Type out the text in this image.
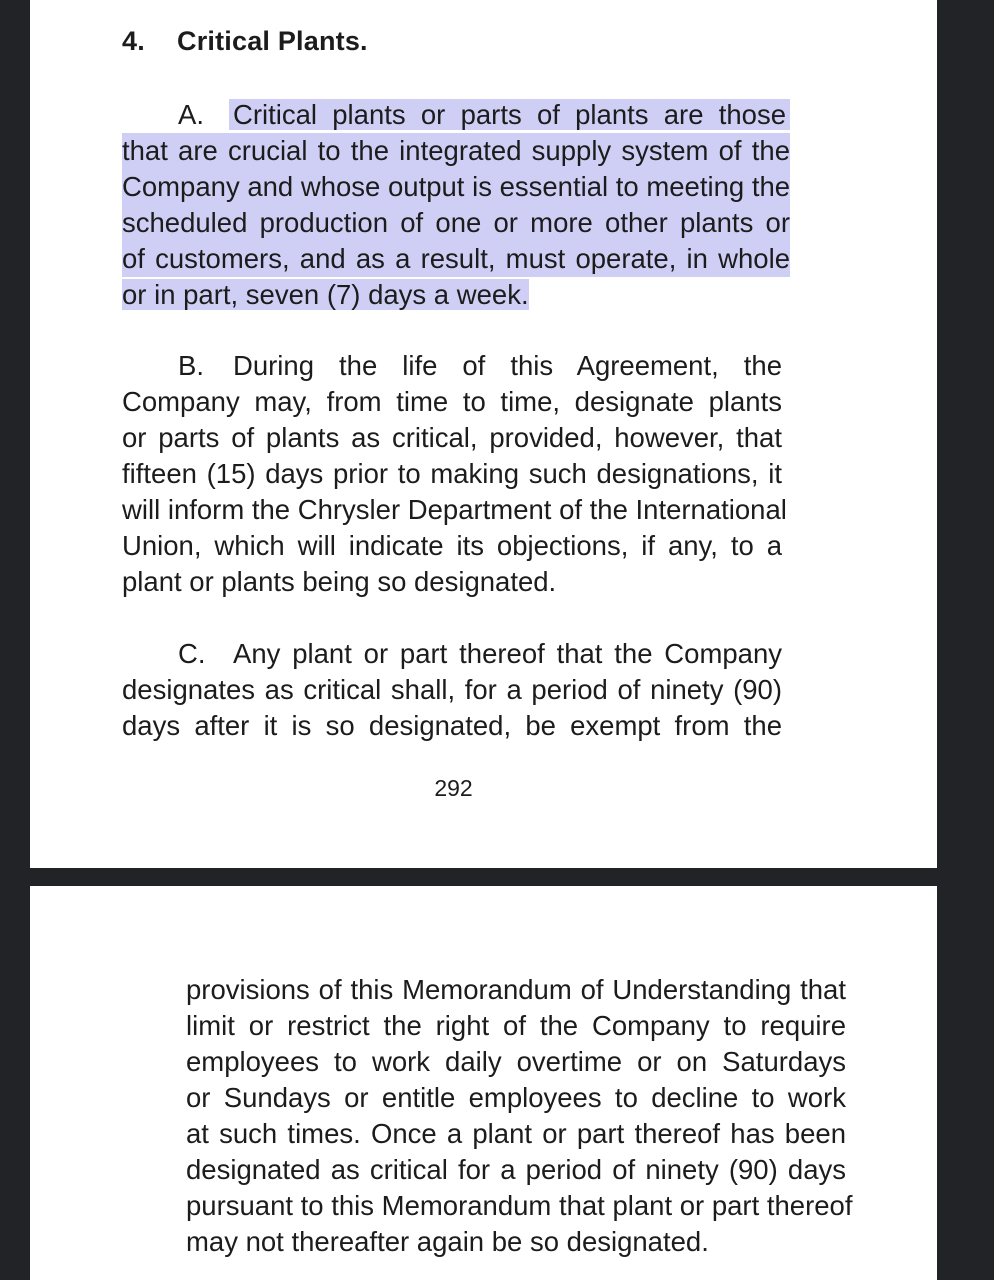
4. Critical Plants.
A. Critical plants or parts of plants are those
that are crucial to the integrated supply system of the
Company and whose output is essential to meeting the
scheduled production of one or more other plants or
of customers, and as a result, must operate, in whole
or in part, seven (7) days a week.
B. During the life of this Agreement, the
Company may, from time to time, designate plants
or parts of plants as critical, provided, however, that
fifteen (15) days prior to making such designations, it
will inform the Chrysler Department of the International
Union, which will indicate its objections, if any, to a
plant or plants being so designated.
C. Any plant or part thereof that the Company
designates as critical shall, for a period of ninety (90)
days after it is so designated, be exempt from the
292
provisions of this Memorandum of Understanding that
limit or restrict the right of the Company to require
employees to work daily overtime or on Saturdays
or Sundays or entitle employees to decline to work
at such times. Once a plant or part thereof has been
designated as critical for a period of ninety (90) days
pursuant to this Memorandum that plant or part thereof
may not thereafter again be so designated.
